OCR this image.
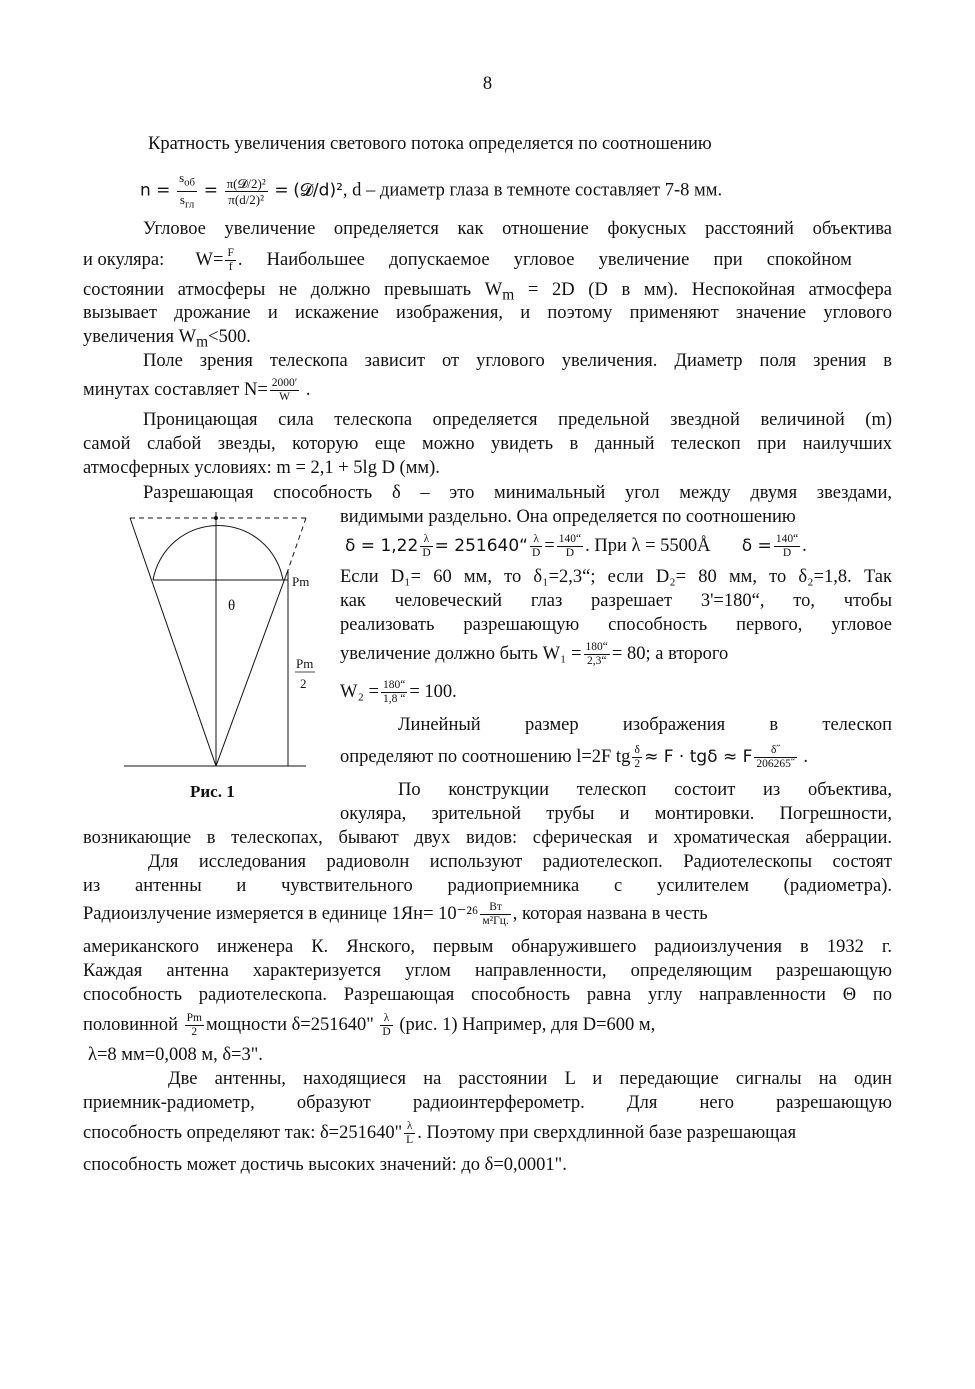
8
Кратность увеличения светового потока определяется по соотношению
$n = \frac{s_{об}}{s_{гл}} = \frac{\text{π(𝓓/2)²}}{\text{π(d/2)²}}$ = (𝓓/d)², d – диаметр глаза в темноте составляет 7-8 мм.
Угловое увеличение определяется как отношение фокусных расстояний объектива
и окуляра: $W= \frac{F}{f}$ . Наибольшее допускаемое угловое увеличение при спокойном
состоянии атмосферы не должно превышать $W_m = 2D$ (D в мм). Неспокойная атмосфера
вызывает дрожание и искажение изображения, и поэтому применяют значение углового
увеличения $W_m<500$.
Поле зрения телескопа зависит от углового увеличения. Диаметр поля зрения в
минутах составляет $N= \frac{2000'}{W}$ .
Проницающая сила телескопа определяется предельной звездной величиной (m)
самой слабой звезды, которую еще можно увидеть в данный телескоп при наилучших
атмосферных условиях: m = 2,1 + 5lg D (мм).
Разрешающая способность δ – это минимальный угол между двумя звездами,
видимыми раздельно. Она определяется по соотношению
$\delta = 1,22 \frac{\lambda}{D}$ = 251640“ $\frac{\lambda}{D} = \frac{140“}{D}$ . При λ = 5500Å $\delta = \frac{140“}{D}$ .
Если D₁= 60 мм, то δ₁=2,3“; если D₂= 80 мм, то δ₂=1,8. Так
как человеческий глаз разрешает 3'=180“, то, чтобы
реализовать разрешающую способность первого, угловое
увеличение должно быть $W_1 = \frac{180“}{2,3“} = 80$; а второго
$W_2 = \frac{180“}{1,8 “} = 100$.
Линейный размер изображения в телескоп
определяют по соотношению l=2F tg $\frac{\delta}{2} \approx F \cdot tg\delta \approx F \frac{\delta˝}{206265˝}$ .
По конструкции телескоп состоит из объектива,
окуляра, зрительной трубы и монтировки. Погрешности,
возникающие в телескопах, бывают двух видов: сферическая и хроматическая аберрации.
Для исследования радиоволн используют радиотелескоп. Радиотелескопы состоят
из антенны и чувствительного радиоприемника с усилителем (радиометра).
Радиоизлучение измеряется в единице $1Ян= 10^{-26} \frac{Вт}{\text{м²Гц.}}$ , которая названа в честь
американского инженера К. Янского, первым обнаружившего радиоизлучения в 1932 г.
Каждая антенна характеризуется углом направленности, определяющим разрешающую
способность радиотелескопа. Разрешающая способность равна углу направленности Θ по
половинной $\frac{Pm}{2}$ мощности δ=251640" $\frac{\lambda}{D} (рис$. 1) Например, для D=600 м,
λ=8 мм=0,008 м, δ=3".
Две антенны, находящиеся на расстоянии L и передающие сигналы на один
приемник-радиометр, образуют радиоинтерферометр. Для него разрешающую
способность определяют так: δ=251640" $\frac{\lambda}{L}$ . Поэтому при сверхдлинной базе разрешающая
способность может достичь высоких значений: до δ=0,0001".
θ
Pm
Pm
2
Рис. 1
